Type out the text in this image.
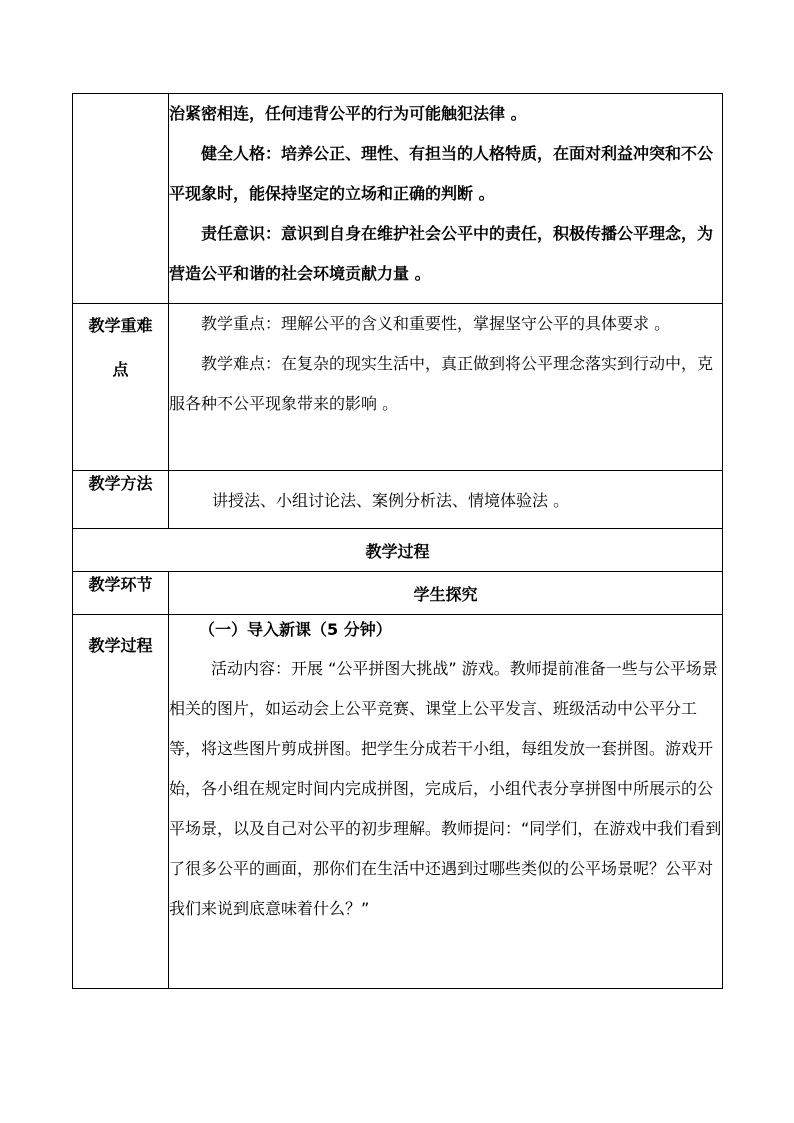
	治紧密相连，任何违背公平的行为可能触犯法律 。

健全人格：培养公正、理性、有担当的人格特质，在面对利益冲突和不公平现象时，能保持坚定的立场和正确的判断 。

责任意识：意识到自身在维护社会公平中的责任，积极传播公平理念，为营造公平和谐的社会环境贡献力量 。

教学重难点	教学重点：理解公平的含义和重要性，掌握坚守公平的具体要求 。

教学难点：在复杂的现实生活中，真正做到将公平理念落实到行动中，克服各种不公平现象带来的影响 。

教学方法	讲授法、小组讨论法、案例分析法、情境体验法 。
教学过程	
教学环节	学生探究
教学过程	（一）导入新课（5 分钟）

活动内容：开展 “公平拼图大挑战” 游戏。教师提前准备一些与公平场景相关的图片，如运动会上公平竞赛、课堂上公平发言、班级活动中公平分工等，将这些图片剪成拼图。把学生分成若干小组，每组发放一套拼图。游戏开始，各小组在规定时间内完成拼图，完成后，小组代表分享拼图中所展示的公平场景，以及自己对公平的初步理解。教师提问：“同学们，在游戏中我们看到了很多公平的画面，那你们在生活中还遇到过哪些类似的公平场景呢？公平对我们来说到底意味着什么？”
